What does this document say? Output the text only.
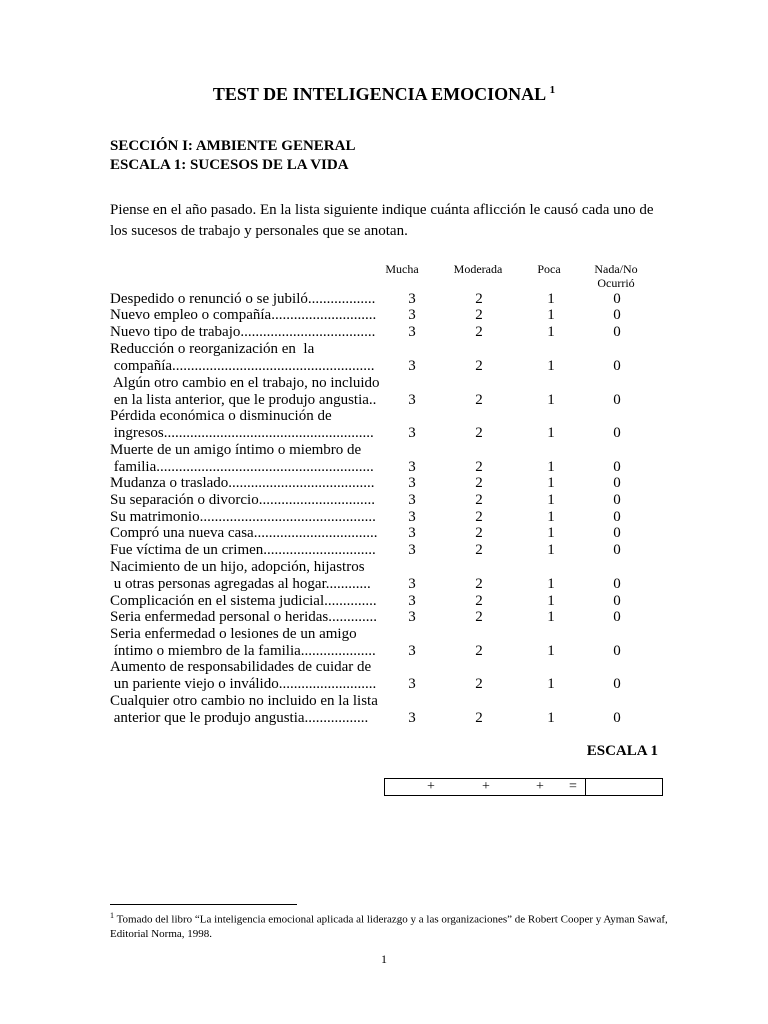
TEST DE INTELIGENCIA EMOCIONAL $^1$
SECCIÓN I: AMBIENTE GENERAL
ESCALA 1: SUCESOS DE LA VIDA
Piense en el año pasado. En la lista siguiente indique cuánta aflicción le causó cada uno de los sucesos de trabajo y personales que se anotan.
Mucha	Moderada	Poca	Nada/No
Ocurrió
Despedido o renunció o se jubiló..................	3	2	1	0
Nuevo empleo o compañía............................	3	2	1	0
Nuevo tipo de trabajo....................................	3	2	1	0
Reducción o reorganización en  la
compañía......................................................	3	2	1	0
Algún otro cambio en el trabajo, no incluido
en la lista anterior, que le produjo angustia..	3	2	1	0
Pérdida económica o disminución de
ingresos........................................................	3	2	1	0
Muerte de un amigo íntimo o miembro de
familia..........................................................	3	2	1	0
Mudanza o traslado.......................................	3	2	1	0
Su separación o divorcio...............................	3	2	1	0
Su matrimonio...............................................	3	2	1	0
Compró una nueva casa.................................	3	2	1	0
Fue víctima de un crimen..............................	3	2	1	0
Nacimiento de un hijo, adopción, hijastros
u otras personas agregadas al hogar............	3	2	1	0
Complicación en el sistema judicial..............	3	2	1	0
Seria enfermedad personal o heridas.............	3	2	1	0
Seria enfermedad o lesiones de un amigo
íntimo o miembro de la familia....................	3	2	1	0
Aumento de responsabilidades de cuidar de
un pariente viejo o inválido..........................	3	2	1	0
Cualquier otro cambio no incluido en la lista
anterior que le produjo angustia.................	3	2	1	0
ESCALA 1
+	+	+ =
$^1$ Tomado del libro “La inteligencia emocional aplicada al liderazgo y a las organizaciones” de Robert Cooper y Ayman Sawaf, Editorial Norma, 1998.
1
